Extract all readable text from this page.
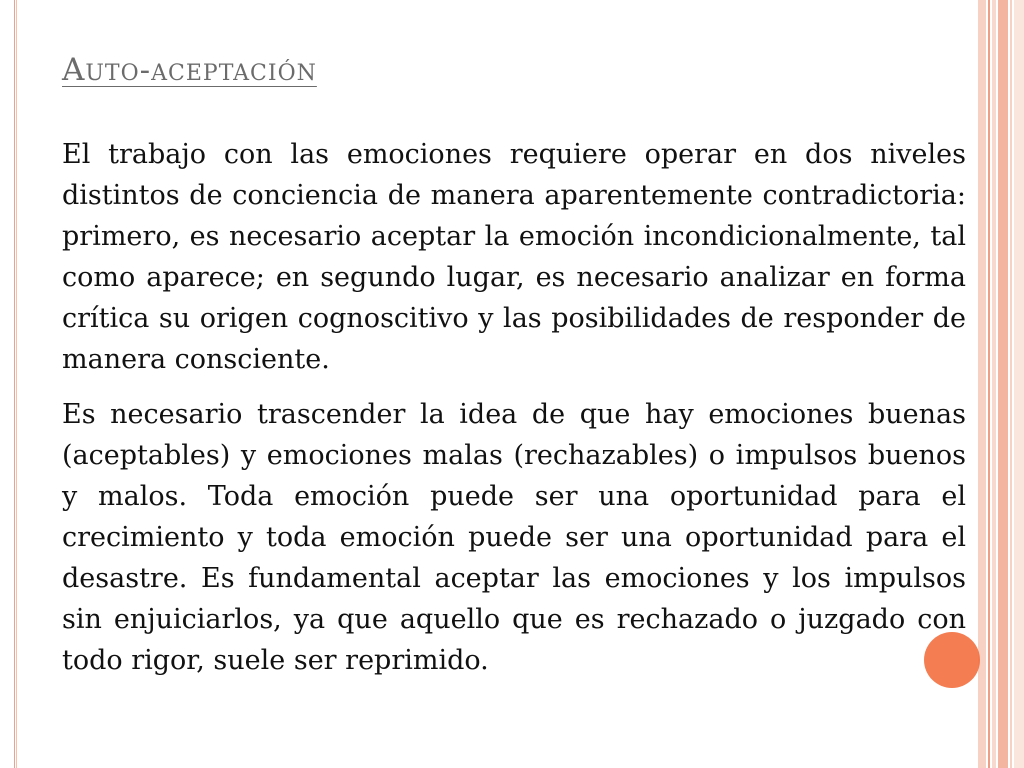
Auto-aceptación

El trabajo con las emociones requiere operar en dos niveles distintos de conciencia de manera aparentemente contradictoria: primero, es necesario aceptar la emoción incondicionalmente, tal como aparece; en segundo lugar, es necesario analizar en forma crítica su origen cognoscitivo y las posibilidades de responder de manera consciente.

Es necesario trascender la idea de que hay emociones buenas (aceptables) y emociones malas (rechazables) o impulsos buenos y malos. Toda emoción puede ser una oportunidad para el crecimiento y toda emoción puede ser una oportunidad para el desastre. Es fundamental aceptar las emociones y los impulsos sin enjuiciarlos, ya que aquello que es rechazado o juzgado con todo rigor, suele ser reprimido.
